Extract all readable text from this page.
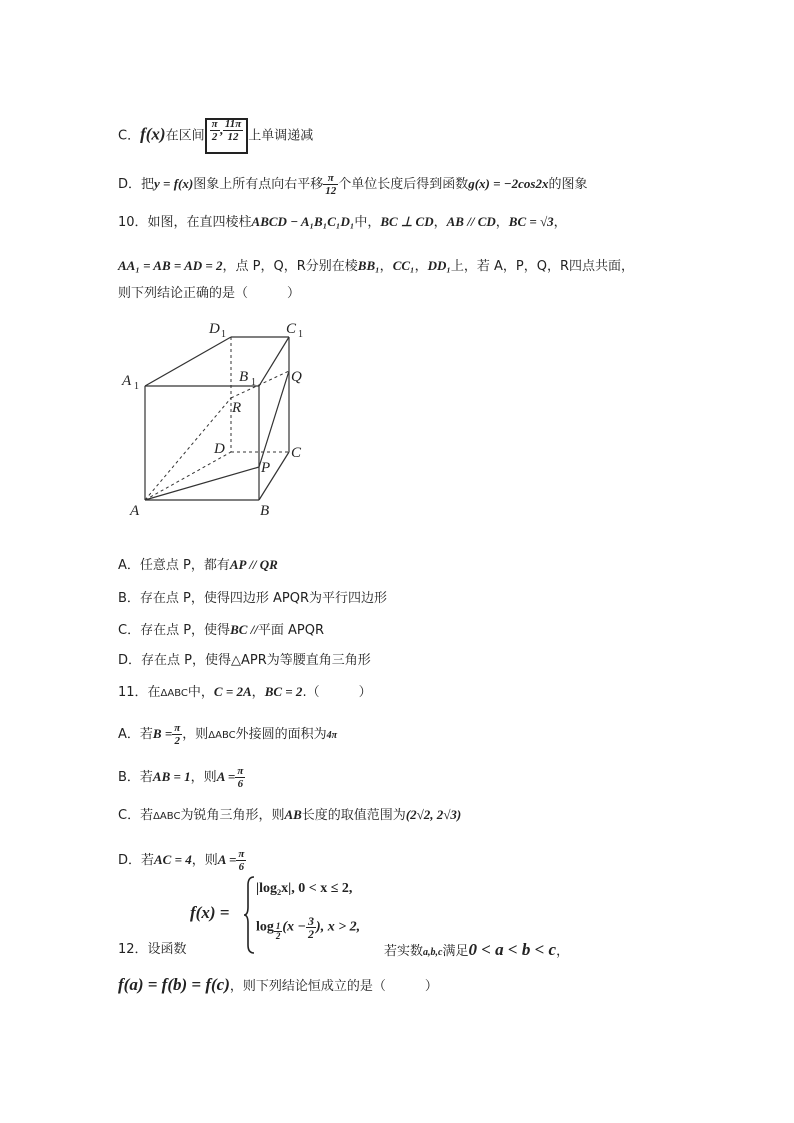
C．f(x)在区间 $\frac{\pi}{2}$ , $\frac{11\pi}{12}$ 上单调递减
D．把y = f(x)图象上所有点向右平移 $\frac{\pi}{12}$ 个单位长度后得到函数g(x) = −2cos2x的图象
10．如图，在直四棱柱ABCD − A₁B₁C₁D₁中，BC ⊥ CD，AB // CD，BC = √3，
AA₁ = AB = AD = 2，点 P，Q，R分别在棱BB₁，CC₁，DD₁上，若 A，P，Q，R四点共面，
则下列结论正确的是（　　　）
A	B
C
D
A 1
B 1
C 1
D 1
P
Q
R
A．任意点 P，都有AP // QR
B．存在点 P，使得四边形 APQR为平行四边形
C．存在点 P，使得BC //平面 APQR
D．存在点 P，使得△APR为等腰直角三角形
11．在ΔABC中，C = 2A，BC = 2.（　　　）
A．若$B = \frac{\pi}{2}$ ，则ΔABC外接圆的面积为4π
B．若AB = 1，则$A = \frac{\pi}{6}$
C．若ΔABC为锐角三角形，则AB长度的取值范围为(2√2, 2√3)
D．若AC = 4，则$A = \frac{\pi}{6}$
f(x) =
|log₂x|, 0 < x ≤ 2,
$\log \frac{1}{2} (x - \frac{3}{2}$ ), x > 2,
12．设函数	若实数a,b,c满足0 < a < b < c，
f(a) = f(b) = f(c)，则下列结论恒成立的是（　　　）
